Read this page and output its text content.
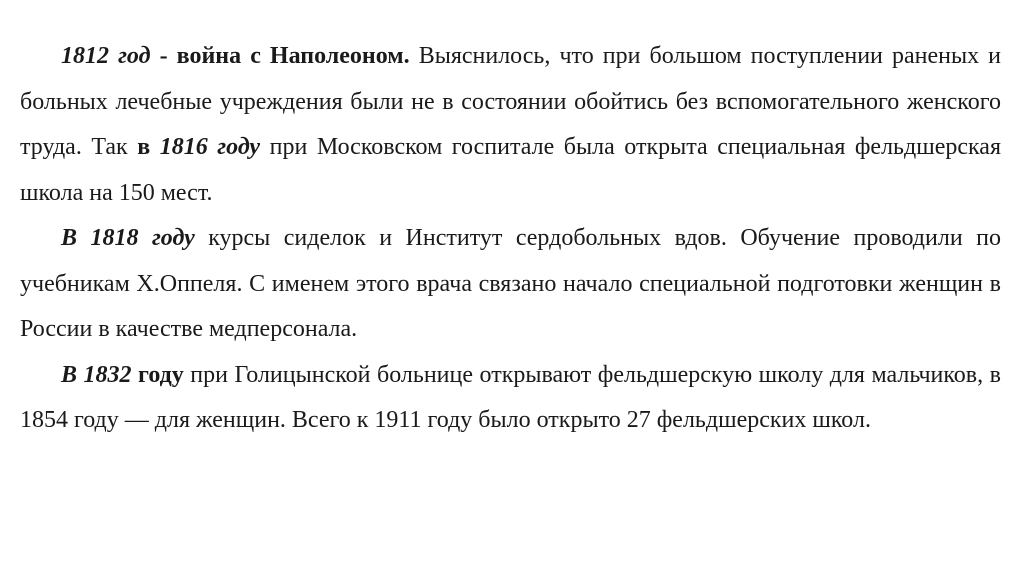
1812 год - война с Наполеоном. Выяснилось, что при большом поступлении раненых и больных лечебные учреждения были не в состоянии обойтись без вспомогательного женского труда. Так в 1816 году при Московском госпитале была открыта специальная фельдшерская школа на 150 мест.

В 1818 году курсы сиделок и Институт сердобольных вдов. Обучение проводили по учебникам Х.Оппеля. С именем этого врача связано начало специальной подготовки женщин в России в качестве медперсонала.

В 1832 году при Голицынской больнице открывают фельдшерскую школу для мальчиков, в 1854 году — для женщин. Всего к 1911 году было открыто 27 фельдшерских школ.
